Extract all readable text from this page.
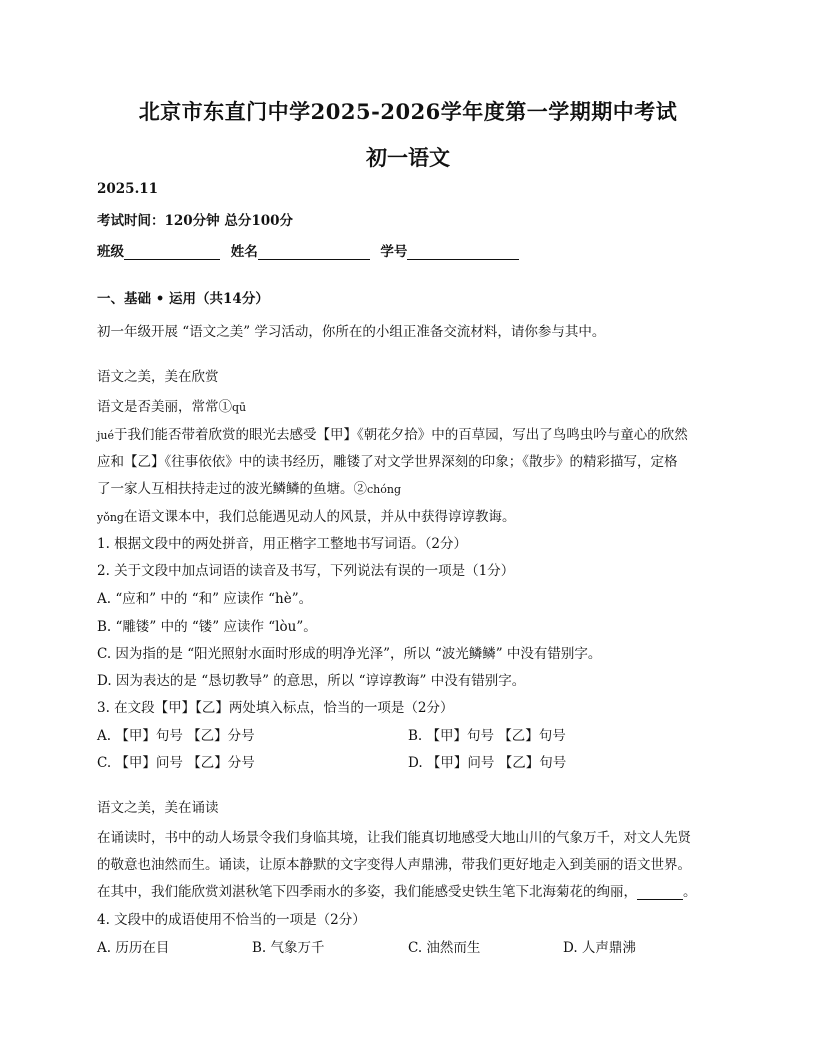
北京市东直门中学2025-2026学年度第一学期期中考试
初一语文
2025.11
考试时间：120分钟 总分100分
班级	姓名	学号
一、基础 • 运用（共14分）
初一年级开展 “语文之美” 学习活动，你所在的小组正准备交流材料，请你参与其中。
语文之美，美在欣赏
语文是否美丽，常常①qū
jué于我们能否带着欣赏的眼光去感受【甲】《朝花夕拾》中的百草园，写出了鸟鸣虫吟与童心的欣然
应和【乙】《往事依依》中的读书经历，雕镂了对文学世界深刻的印象；《散步》的精彩描写，定格
了一家人互相扶持走过的波光鳞鳞的鱼塘。②chóng
yǒng在语文课本中，我们总能遇见动人的风景，并从中获得谆谆教诲。
1. 根据文段中的两处拼音，用正楷字工整地书写词语。（2分）
2. 关于文段中加点词语的读音及书写，下列说法有误的一项是（1分）
A. “应和” 中的 “和” 应读作 “hè”。
B. “雕镂” 中的 “镂” 应读作 “lòu”。
C. 因为指的是 “阳光照射水面时形成的明净光泽”，所以 “波光鳞鳞” 中没有错别字。
D. 因为表达的是 “恳切教导” 的意思，所以 “谆谆教诲” 中没有错别字。
3. 在文段【甲】【乙】两处填入标点，恰当的一项是（2分）
A. 【甲】句号 【乙】分号	B. 【甲】句号 【乙】句号
C. 【甲】问号 【乙】分号	D. 【甲】问号 【乙】句号
语文之美，美在诵读
在诵读时，书中的动人场景令我们身临其境，让我们能真切地感受大地山川的气象万千，对文人先贤
的敬意也油然而生。诵读，让原本静默的文字变得人声鼎沸，带我们更好地走入到美丽的语文世界。
在其中，我们能欣赏刘湛秋笔下四季雨水的多姿，我们能感受史铁生笔下北海菊花的绚丽，	。
4. 文段中的成语使用不恰当的一项是（2分）
A. 历历在目	B. 气象万千	C. 油然而生	D. 人声鼎沸
